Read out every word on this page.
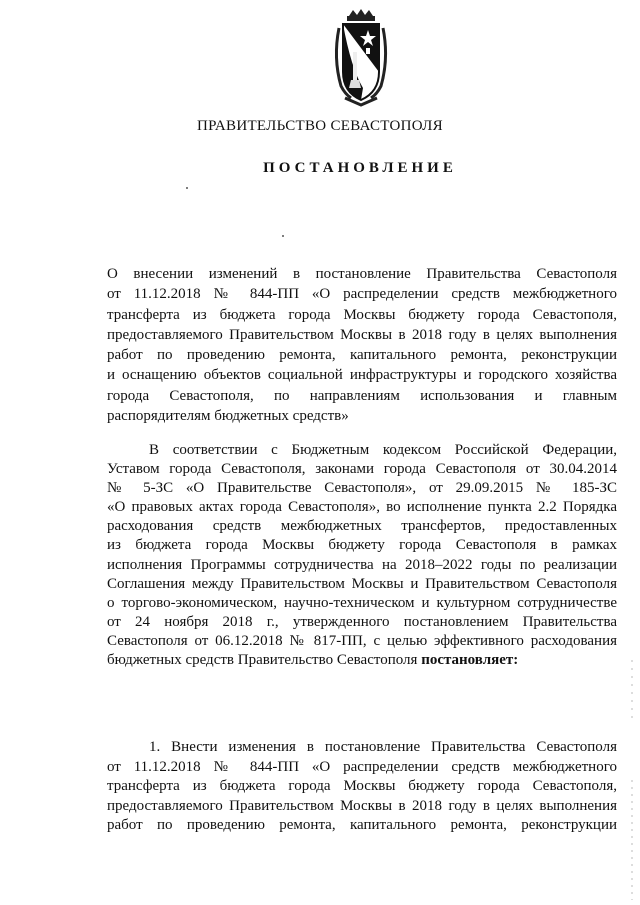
ПРАВИТЕЛЬСТВО СЕВАСТОПОЛЯ
ПОСТАНОВЛЕНИЕ
О внесении изменений в постановление Правительства Севастополя
от 11.12.2018 № 844-ПП «О распределении средств межбюджетного
трансферта из бюджета города Москвы бюджету города Севастополя,
предоставляемого Правительством Москвы в 2018 году в целях выполнения
работ по проведению ремонта, капитального ремонта, реконструкции
и оснащению объектов социальной инфраструктуры и городского хозяйства
города Севастополя, по направлениям использования и главным
распорядителям бюджетных средств»
В соответствии с Бюджетным кодексом Российской Федерации,
Уставом города Севастополя, законами города Севастополя от 30.04.2014
№ 5-ЗС «О Правительстве Севастополя», от 29.09.2015 № 185-ЗС
«О правовых актах города Севастополя», во исполнение пункта 2.2 Порядка
расходования средств межбюджетных трансфертов, предоставленных
из бюджета города Москвы бюджету города Севастополя в рамках
исполнения Программы сотрудничества на 2018–2022 годы по реализации
Соглашения между Правительством Москвы и Правительством Севастополя
о торгово-экономическом, научно-техническом и культурном сотрудничестве
от 24 ноября 2018 г., утвержденного постановлением Правительства
Севастополя от 06.12.2018 № 817-ПП, с целью эффективного расходования
бюджетных средств Правительство Севастополя постановляет:
1. Внести изменения в постановление Правительства Севастополя
от 11.12.2018 № 844-ПП «О распределении средств межбюджетного
трансферта из бюджета города Москвы бюджету города Севастополя,
предоставляемого Правительством Москвы в 2018 году в целях выполнения
работ по проведению ремонта, капитального ремонта, реконструкции
